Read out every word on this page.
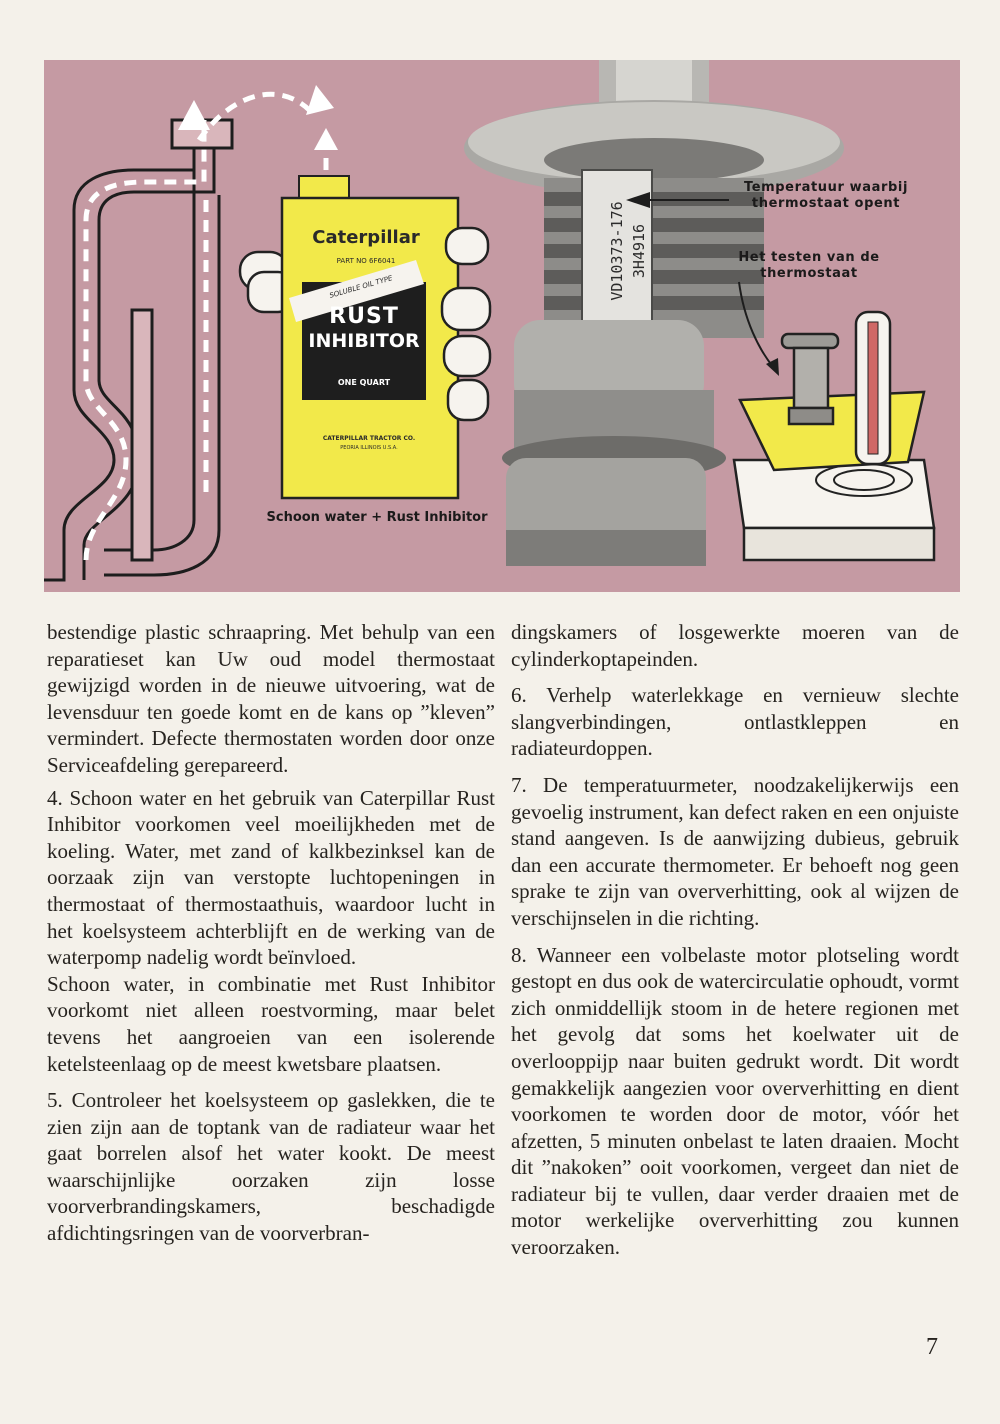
Caterpillar
PART NO 6F6041
SOLUBLE OIL TYPE
RUST
INHIBITOR
ONE QUART
CATERPILLAR TRACTOR CO.
PEORIA ILLINOIS U.S.A.
VD10373-176 3H4916
Temperatuur waarbij
thermostaat opent
Het testen van de
thermostaat
Schoon water + Rust Inhibitor

bestendige plastic schraapring. Met behulp van een reparatieset kan Uw oud model thermostaat gewijzigd worden in de nieuwe uitvoering, wat de levensduur ten goede komt en de kans op ”kleven” vermindert. Defecte thermostaten worden door onze Serviceafdeling gerepareerd.

4. Schoon water en het gebruik van Caterpillar Rust Inhibitor voorkomen veel moeilijkheden met de koeling. Water, met zand of kalkbezinksel kan de oorzaak zijn van verstopte luchtopeningen in thermostaat of thermostaathuis, waardoor lucht in het koelsysteem achterblijft en de werking van de waterpomp nadelig wordt beïnvloed.

Schoon water, in combinatie met Rust Inhibitor voorkomt niet alleen roestvorming, maar belet tevens het aangroeien van een isolerende ketelsteenlaag op de meest kwetsbare plaatsen.

5. Controleer het koelsysteem op gaslekken, die te zien zijn aan de toptank van de radiateur waar het gaat borrelen alsof het water kookt. De meest waarschijnlijke oorzaken zijn losse voorverbrandingskamers, beschadigde afdichtingsringen van de voorverbran-

dingskamers of losgewerkte moeren van de cylinderkoptapeinden.

6. Verhelp waterlekkage en vernieuw slechte slangverbindingen, ontlastkleppen en radiateurdoppen.

7. De temperatuurmeter, noodzakelijkerwijs een gevoelig instrument, kan defect raken en een onjuiste stand aangeven. Is de aanwijzing dubieus, gebruik dan een accurate thermometer. Er behoeft nog geen sprake te zijn van oververhitting, ook al wijzen de verschijnselen in die richting.

8. Wanneer een volbelaste motor plotseling wordt gestopt en dus ook de watercirculatie ophoudt, vormt zich onmiddellijk stoom in de hetere regionen met het gevolg dat soms het koelwater uit de overlooppijp naar buiten gedrukt wordt. Dit wordt gemakkelijk aangezien voor oververhitting en dient voorkomen te worden door de motor, vóór het afzetten, 5 minuten onbelast te laten draaien. Mocht dit ”nakoken” ooit voorkomen, vergeet dan niet de radiateur bij te vullen, daar verder draaien met de motor werkelijke oververhitting zou kunnen veroorzaken.

7
